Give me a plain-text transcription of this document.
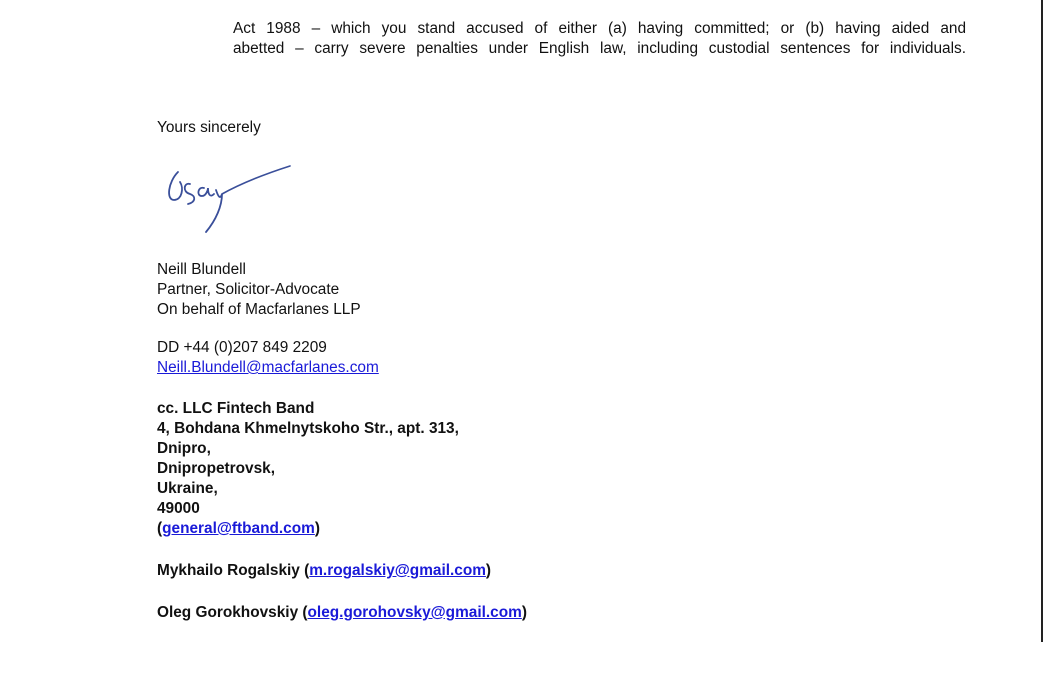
Act 1988 – which you stand accused of either (a) having committed; or (b) having aided and
abetted – carry severe penalties under English law, including custodial sentences for individuals.
Yours sincerely
Neill Blundell
Partner, Solicitor-Advocate
On behalf of Macfarlanes LLP
DD +44 (0)207 849 2209
Neill.Blundell@macfarlanes.com
cc. LLC Fintech Band
4, Bohdana Khmelnytskoho Str., apt. 313,
Dnipro,
Dnipropetrovsk,
Ukraine,
49000
(general@ftband.com)
Mykhailo Rogalskiy (m.rogalskiy@gmail.com)
Oleg Gorokhovskiy (oleg.gorohovsky@gmail.com)
